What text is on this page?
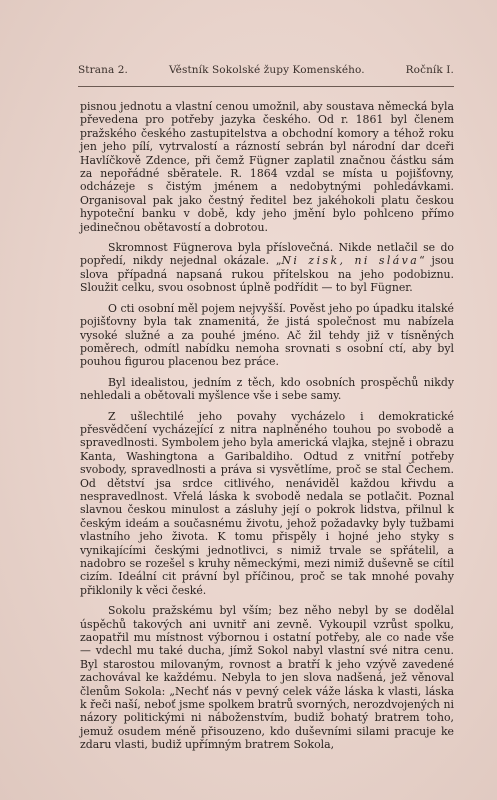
Strana 2.	Věstník Sokolské župy Komenského.	Ročník I.

pisnou jednotu a vlastní cenou umožnil, aby soustava německá byla převedena pro potřeby jazyka českého. Od r. 1861 byl členem pražského českého zastupitelstva a obchodní komory a téhož roku jen jeho pílí, vytrvalostí a rázností sebrán byl národní dar dceři Havlíčkově Zdence, při čemž Fügner zaplatil značnou částku sám za nepořádné sběratele. R. 1864 vzdal se místa u pojišťovny, odcházeje s čistým jménem a nedobytnými pohledávkami. Organisoval pak jako čestný ředitel bez jakéhokoli platu českou hypoteční banku v době, kdy jeho jmění bylo pohlceno přímo jedinečnou obětavostí a dobrotou.

Skromnost Fügnerova byla příslovečná. Nikde netlačil se do popředí, nikdy nejednal okázale. „Ni zisk, ni sláva“ jsou slova případná napsaná rukou přítelskou na jeho podobiznu. Sloužit celku, svou osobnost úplně podřídit — to byl Fügner.

O cti osobní měl pojem nejvyšší. Pověst jeho po úpadku italské pojišťovny byla tak znamenitá, že jistá společnost mu nabízela vysoké služné a za pouhé jméno. Ač žil tehdy již v tísněných poměrech, odmítl nabídku nemoha srovnati s osobní ctí, aby byl pouhou figurou placenou bez práce.

Byl idealistou, jedním z těch, kdo osobních prospěchů nikdy nehledali a obětovali myšlence vše i sebe samy.

Z ušlechtilé jeho povahy vycházelo i demokratické přesvědčení vycházející z nitra naplněného touhou po svobodě a spravedlnosti. Symbolem jeho byla americká vlajka, stejně i obrazu Kanta, Washingtona a Garibaldiho. Odtud z vnitřní potřeby svobody, spravedlnosti a práva si vysvětlíme, proč se stal Čechem. Od dětství jsa srdce citlivého, nenáviděl každou křivdu a nespravedlnost. Vřelá láska k svobodě nedala se potlačit. Poznal slavnou českou minulost a zásluhy její o pokrok lidstva, přilnul k českým ideám a současnému životu, jehož požadavky byly tužbami vlastního jeho života. K tomu přispěly i hojné jeho styky s vynikajícími českými jednotlivci, s nimiž trvale se spřátelil, a nadobro se rozešel s kruhy německými, mezi nimiž duševně se cítil cizím. Ideální cit právní byl příčinou, proč se tak mnohé povahy přiklonily k věci české.

Sokolu pražskému byl vším; bez něho nebyl by se dodělal úspěchů takových ani uvnitř ani zevně. Vykoupil vzrůst spolku, zaopatřil mu místnost výbornou i ostatní potřeby, ale co nade vše — vdechl mu také ducha, jímž Sokol nabyl vlastní své nitra cenu. Byl starostou milovaným, rovnost a bratří k jeho vzývě zavedené zachovával ke každému. Nebyla to jen slova nadšená, jež věnoval členům Sokola: „Nechť nás v pevný celek váže láska k vlasti, láska k řeči naší, neboť jsme spolkem bratrů svorných, nerozdvojených ni názory politickými ni náboženstvím, budiž bohatý bratrem toho, jemuž osudem méně přisouzeno, kdo duševními silami pracuje ke zdaru vlasti, budiž upřímným bratrem Sokola,
